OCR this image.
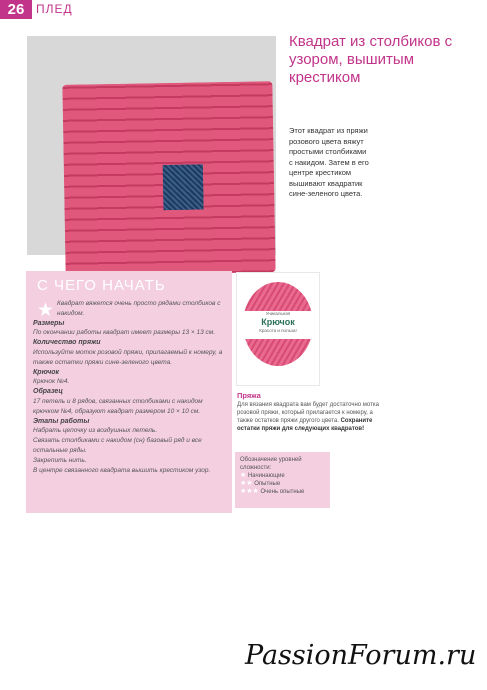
26 ПЛЕД
Квадрат из столбиков с узором, вышитым крестиком
Этот квадрат из пряжи розового цвета вяжут простыми столбиками с накидом. Затем в его центре крестиком вышивают квадратик сине-зеленого цвета.
С ЧЕГО НАЧАТЬ
Квадрат вяжется очень просто рядами столбиков с накидом.
Размеры
По окончании работы квадрат имеет размеры 13 × 13 см.
Количество пряжи
Используйте моток розовой пряжи, прилагаемый к номеру, а также остатки пряжи сине-зеленого цвета.
Крючок
Крючок №4.
Образец
17 петель и 8 рядов, связанных столбиками с накидом крючком №4, образуют квадрат размером 10 × 10 см.
Этапы работы
Набрать цепочку из воздушных петель.
Связать столбиками с накидом (сн) базовый ряд и все остальные ряды.
Закрепить нить.
В центре связанного квадрата вышить крестиком узор.
★	Уникальная
Крючок
Красота и польза!
Пряжа
Для вязания квадрата вам будет достаточно мотка розовой пряжи, который прилагается к номеру, а также остатков пряжи другого цвета. Сохраните остатки пряжи для следующих квадратов!
Обозначение уровней сложности:
★ Начинающие
★★ Опытные
★★★ Очень опытные
PassionForum.ru
